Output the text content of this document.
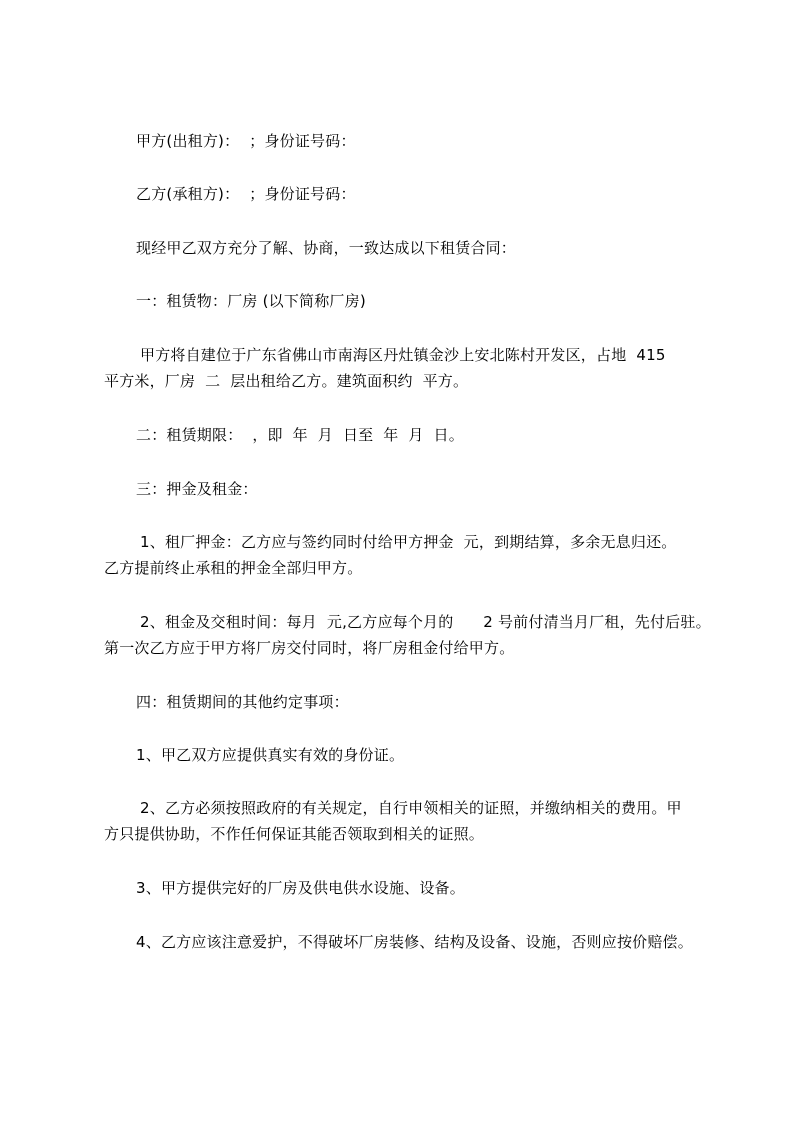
甲方(出租方)：  ；身份证号码：
乙方(承租方)：  ；身份证号码：
现经甲乙双方充分了解、协商，一致达成以下租赁合同：
一：租赁物：厂房 (以下简称厂房)
甲方将自建位于广东省佛山市南海区丹灶镇金沙上安北陈村开发区，占地  415
平方米，厂房  二  层出租给乙方。建筑面积约  平方。
二：租赁期限：  ，即  年  月  日至  年  月  日。
三：押金及租金：
1、租厂押金：乙方应与签约同时付给甲方押金  元，到期结算，多余无息归还。
乙方提前终止承租的押金全部归甲方。
2、租金及交租时间：每月  元,乙方应每个月的      2 号前付清当月厂租，先付后驻。
第一次乙方应于甲方将厂房交付同时，将厂房租金付给甲方。
四：租赁期间的其他约定事项：
1、甲乙双方应提供真实有效的身份证。
2、乙方必须按照政府的有关规定，自行申领相关的证照，并缴纳相关的费用。甲
方只提供协助，不作任何保证其能否领取到相关的证照。
3、甲方提供完好的厂房及供电供水设施、设备。
4、乙方应该注意爱护，不得破坏厂房装修、结构及设备、设施，否则应按价赔偿。
